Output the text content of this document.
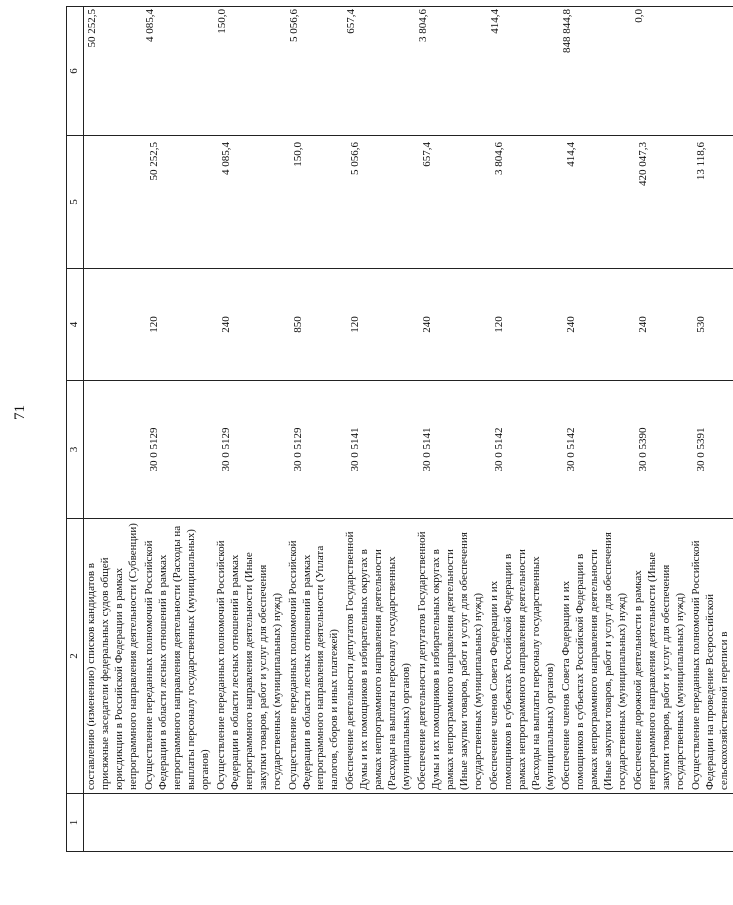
71
1	2	3	4	5	6
	составлению (изменению) списков кандидатов в присяжные заседатели федеральных судов общей юрисдикции в Российской Федерации в рамках непрограммного направления деятельности (Субвенции)				50 252,5
	Осуществление переданных полномочий Российской Федерации в области лесных отношений в рамках непрограммного направления деятельности (Расходы на выплаты персоналу государственных (муниципальных) органов)	30 0 5129	120	50 252,5	4 085,4
	Осуществление переданных полномочий Российской Федерации в области лесных отношений в рамках непрограммного направления деятельности (Иные закупки товаров, работ и услуг для обеспечения государственных (муниципальных) нужд)	30 0 5129	240	4 085,4	150,0
	Осуществление переданных полномочий Российской Федерации в области лесных отношений в рамках непрограммного направления деятельности (Уплата налогов, сборов и иных платежей)	30 0 5129	850	150,0	5 056,6
	Обеспечение деятельности депутатов Государственной Думы и их помощников в избирательных округах в рамках непрограммного направления деятельности (Расходы на выплаты персоналу государственных (муниципальных) органов)	30 0 5141	120	5 056,6	657,4
	Обеспечение деятельности депутатов Государственной Думы и их помощников в избирательных округах в рамках непрограммного направления деятельности (Иные закупки товаров, работ и услуг для обеспечения государственных (муниципальных) нужд)	30 0 5141	240	657,4	3 804,6
	Обеспечение членов Совета Федерации и их помощников в субъектах Российской Федерации в рамках непрограммного направления деятельности (Расходы на выплаты персоналу государственных (муниципальных) органов)	30 0 5142	120	3 804,6	414,4
	Обеспечение членов Совета Федерации и их помощников в субъектах Российской Федерации в рамках непрограммного направления деятельности (Иные закупки товаров, работ и услуг для обеспечения государственных (муниципальных) нужд)	30 0 5142	240	414,4	848 844,8
	Обеспечение дорожной деятельности в рамках непрограммного направления деятельности (Иные закупки товаров, работ и услуг для обеспечения государственных (муниципальных) нужд)	30 0 5390	240	420 047,3	0,0
	Осуществление переданных полномочий Российской Федерации на проведение Всероссийской сельскохозяйственной переписи в	30 0 5391	530	13 118,6	
